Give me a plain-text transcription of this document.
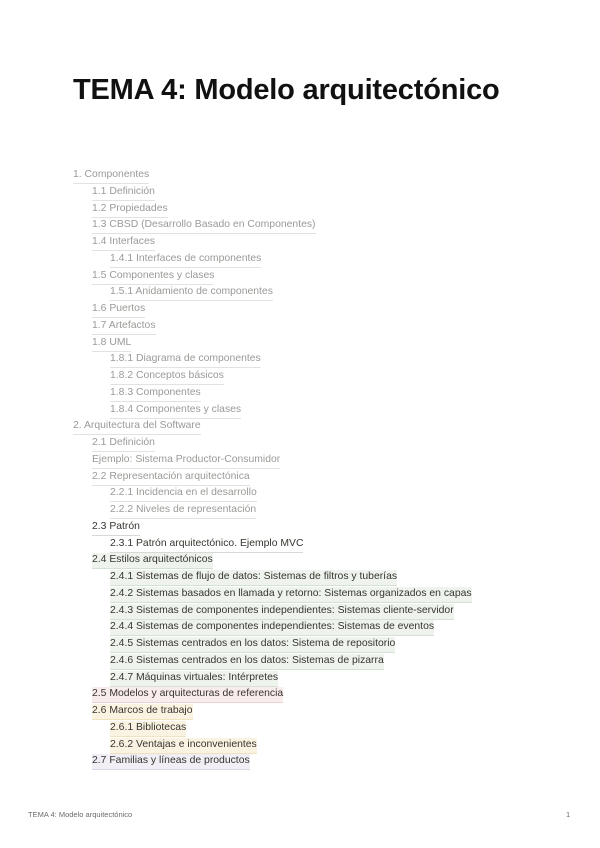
TEMA 4: Modelo arquitectónico
1. Componentes
1.1 Definición
1.2 Propiedades
1.3 CBSD (Desarrollo Basado en Componentes)
1.4 Interfaces
1.4.1 Interfaces de componentes
1.5 Componentes y clases
1.5.1 Anidamiento de componentes
1.6 Puertos
1.7 Artefactos
1.8 UML
1.8.1 Diagrama de componentes
1.8.2 Conceptos básicos
1.8.3 Componentes
1.8.4 Componentes y clases
2. Arquitectura del Software
2.1 Definición
Ejemplo: Sistema Productor-Consumidor
2.2 Representación arquitectónica
2.2.1 Incidencia en el desarrollo
2.2.2 Niveles de representación
2.3 Patrón
2.3.1 Patrón arquitectónico. Ejemplo MVC
2.4 Estilos arquitectónicos
2.4.1 Sistemas de flujo de datos: Sistemas de filtros y tuberías
2.4.2 Sistemas basados en llamada y retorno: Sistemas organizados en capas
2.4.3 Sistemas de componentes independientes: Sistemas cliente-servidor
2.4.4 Sistemas de componentes independientes: Sistemas de eventos
2.4.5 Sistemas centrados en los datos: Sistema de repositorio
2.4.6 Sistemas centrados en los datos: Sistemas de pizarra
2.4.7 Máquinas virtuales: Intérpretes
2.5 Modelos y arquitecturas de referencia
2.6 Marcos de trabajo
2.6.1 Bibliotecas
2.6.2 Ventajas e inconvenientes
2.7 Familias y líneas de productos
TEMA 4: Modelo arquitectónico	1
